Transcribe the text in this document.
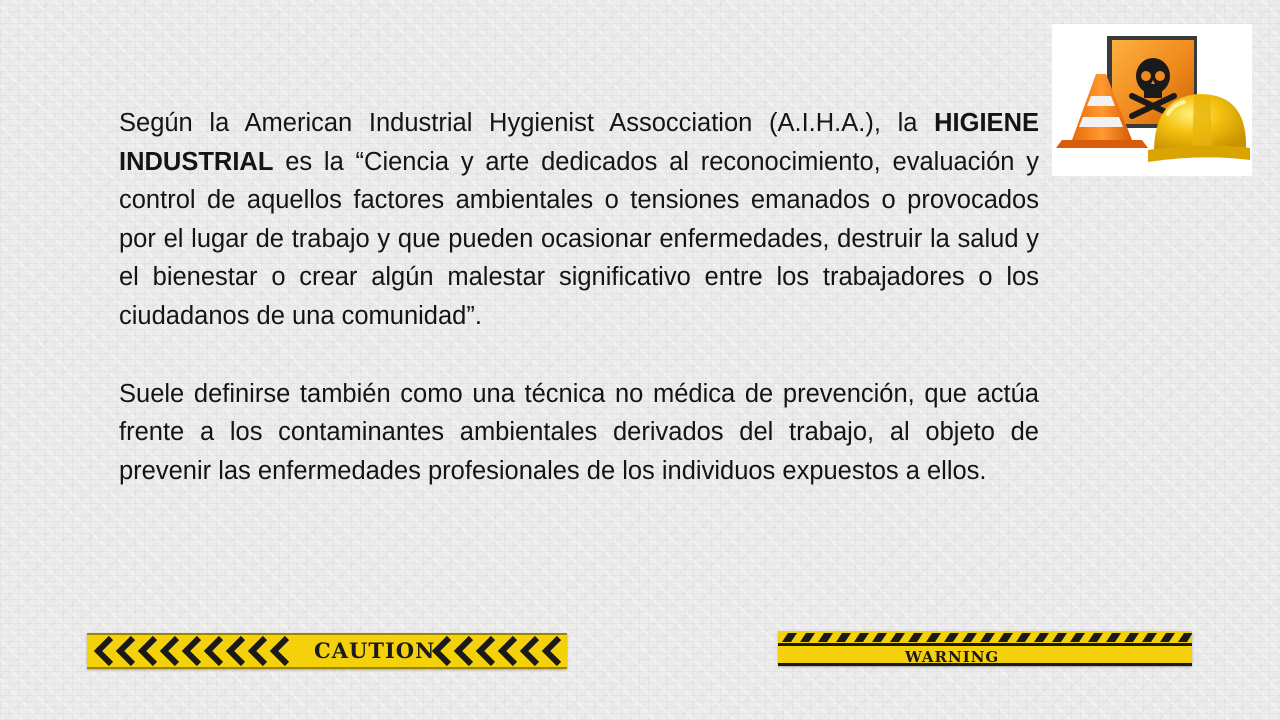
Según la American Industrial Hygienist Assocciation (A.I.H.A.), la HIGIENE INDUSTRIAL es la “Ciencia y arte dedicados al reconocimiento, evaluación y control de aquellos factores ambientales o tensiones emanados o provocados por el lugar de trabajo y que pueden ocasionar enfermedades, destruir la salud y el bienestar o crear algún malestar significativo entre los trabajadores o los ciudadanos de una comunidad”.

Suele definirse también como una técnica no médica de prevención, que actúa frente a los contaminantes ambientales derivados del trabajo, al objeto de prevenir las enfermedades profesionales de los individuos expuestos a ellos.

CAUTION	WARNING
